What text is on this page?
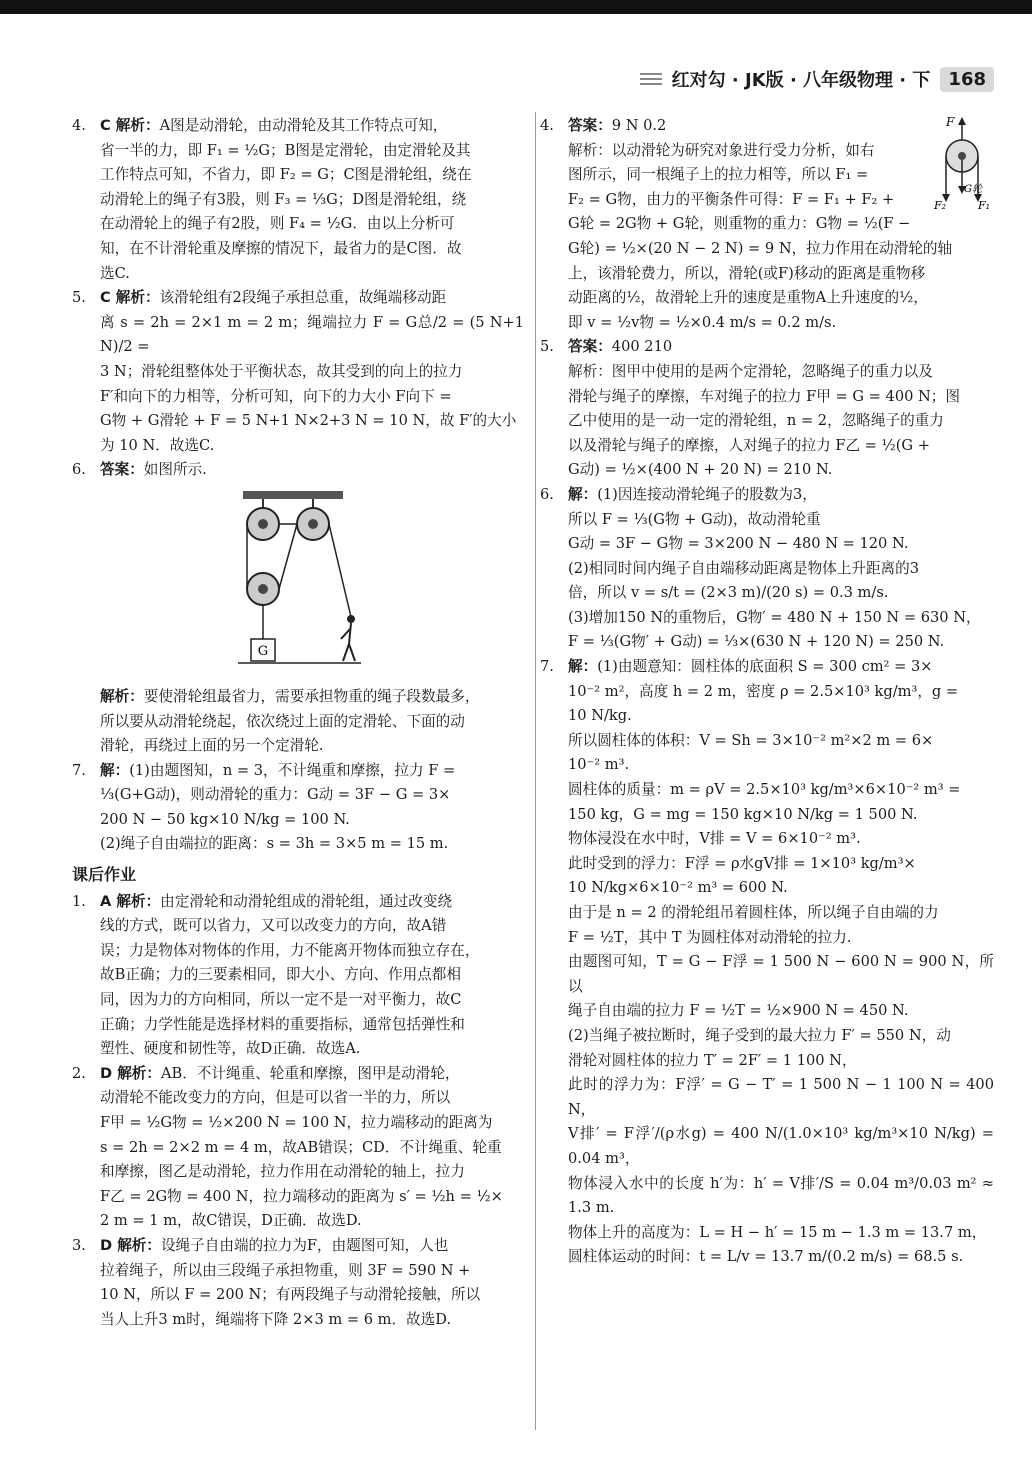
红对勾 · JK版 · 八年级物理 · 下	168
4. C 解析：A图是动滑轮，由动滑轮及其工作特点可知，

省一半的力，即 F₁ = ½G；B图是定滑轮，由定滑轮及其

工作特点可知，不省力，即 F₂ = G；C图是滑轮组，绕在

动滑轮上的绳子有3股，则 F₃ = ⅓G；D图是滑轮组，绕

在动滑轮上的绳子有2股，则 F₄ = ½G．由以上分析可

知，在不计滑轮重及摩擦的情况下，最省力的是C图．故

选C.

5. C 解析：该滑轮组有2段绳子承担总重，故绳端移动距

离 s = 2h = 2×1 m = 2 m；绳端拉力 F = G总/2 = (5 N+1 N)/2 =

3 N；滑轮组整体处于平衡状态，故其受到的向上的拉力

F′和向下的力相等，分析可知，向下的力大小 F向下 =

G物 + G滑轮 + F = 5 N+1 N×2+3 N = 10 N，故 F′的大小

为 10 N．故选C.

6. 答案：如图所示.

G

解析：要使滑轮组最省力，需要承担物重的绳子段数最多，

所以要从动滑轮绕起，依次绕过上面的定滑轮、下面的动

滑轮，再绕过上面的另一个定滑轮.

7. 解：(1)由题图知，n = 3，不计绳重和摩擦，拉力 F =

⅓(G+G动)，则动滑轮的重力：G动 = 3F − G = 3×

200 N − 50 kg×10 N/kg = 100 N.

(2)绳子自由端拉的距离：s = 3h = 3×5 m = 15 m.

课后作业
1. A 解析：由定滑轮和动滑轮组成的滑轮组，通过改变绕

线的方式，既可以省力，又可以改变力的方向，故A错

误；力是物体对物体的作用，力不能离开物体而独立存在，

故B正确；力的三要素相同，即大小、方向、作用点都相

同，因为力的方向相同，所以一定不是一对平衡力，故C

正确；力学性能是选择材料的重要指标，通常包括弹性和

塑性、硬度和韧性等，故D正确．故选A.

2. D 解析：AB．不计绳重、轮重和摩擦，图甲是动滑轮，

动滑轮不能改变力的方向，但是可以省一半的力，所以

F甲 = ½G物 = ½×200 N = 100 N，拉力端移动的距离为

s = 2h = 2×2 m = 4 m，故AB错误；CD．不计绳重、轮重

和摩擦，图乙是动滑轮，拉力作用在动滑轮的轴上，拉力

F乙 = 2G物 = 400 N，拉力端移动的距离为 s′ = ½h = ½×

2 m = 1 m，故C错误，D正确．故选D.

3. D 解析：设绳子自由端的拉力为F，由题图可知，人也

拉着绳子，所以由三段绳子承担物重，则 3F = 590 N +

10 N，所以 F = 200 N；有两段绳子与动滑轮接触，所以

当人上升3 m时，绳端将下降 2×3 m = 6 m．故选D.

4.	F
G轮
F₂	F₁

答案：9 N 0.2

解析：以动滑轮为研究对象进行受力分析，如右

图所示，同一根绳子上的拉力相等，所以 F₁ =

F₂ = G物，由力的平衡条件可得：F = F₁ + F₂ +

G轮 = 2G物 + G轮，则重物的重力：G物 = ½(F −

G轮) = ½×(20 N − 2 N) = 9 N，拉力作用在动滑轮的轴

上，该滑轮费力，所以，滑轮(或F)移动的距离是重物移

动距离的½，故滑轮上升的速度是重物A上升速度的½，

即 v = ½v物 = ½×0.4 m/s = 0.2 m/s.

5. 答案：400 210

解析：图甲中使用的是两个定滑轮，忽略绳子的重力以及

滑轮与绳子的摩擦，车对绳子的拉力 F甲 = G = 400 N；图

乙中使用的是一动一定的滑轮组，n = 2，忽略绳子的重力

以及滑轮与绳子的摩擦，人对绳子的拉力 F乙 = ½(G +

G动) = ½×(400 N + 20 N) = 210 N.

6. 解：(1)因连接动滑轮绳子的股数为3，

所以 F = ⅓(G物 + G动)，故动滑轮重

G动 = 3F − G物 = 3×200 N − 480 N = 120 N.

(2)相同时间内绳子自由端移动距离是物体上升距离的3

倍，所以 v = s/t = (2×3 m)/(20 s) = 0.3 m/s.

(3)增加150 N的重物后，G物′ = 480 N + 150 N = 630 N，

F = ⅓(G物′ + G动) = ⅓×(630 N + 120 N) = 250 N.

7. 解：(1)由题意知：圆柱体的底面积 S = 300 cm² = 3×

10⁻² m²，高度 h = 2 m，密度 ρ = 2.5×10³ kg/m³，g =

10 N/kg.

所以圆柱体的体积：V = Sh = 3×10⁻² m²×2 m = 6×

10⁻² m³.

圆柱体的质量：m = ρV = 2.5×10³ kg/m³×6×10⁻² m³ =

150 kg，G = mg = 150 kg×10 N/kg = 1 500 N.

物体浸没在水中时，V排 = V = 6×10⁻² m³.

此时受到的浮力：F浮 = ρ水gV排 = 1×10³ kg/m³×

10 N/kg×6×10⁻² m³ = 600 N.

由于是 n = 2 的滑轮组吊着圆柱体，所以绳子自由端的力

F = ½T，其中 T 为圆柱体对动滑轮的拉力.

由题图可知，T = G − F浮 = 1 500 N − 600 N = 900 N，所以

绳子自由端的拉力 F = ½T = ½×900 N = 450 N.

(2)当绳子被拉断时，绳子受到的最大拉力 F′ = 550 N，动

滑轮对圆柱体的拉力 T′ = 2F′ = 1 100 N，

此时的浮力为：F浮′ = G − T′ = 1 500 N − 1 100 N = 400 N，

V排′ = F浮′/(ρ水g) = 400 N/(1.0×10³ kg/m³×10 N/kg) = 0.04 m³，

物体浸入水中的长度 h′为：h′ = V排′/S = 0.04 m³/0.03 m² ≈ 1.3 m.

物体上升的高度为：L = H − h′ = 15 m − 1.3 m = 13.7 m，

圆柱体运动的时间：t = L/v = 13.7 m/(0.2 m/s) = 68.5 s.
